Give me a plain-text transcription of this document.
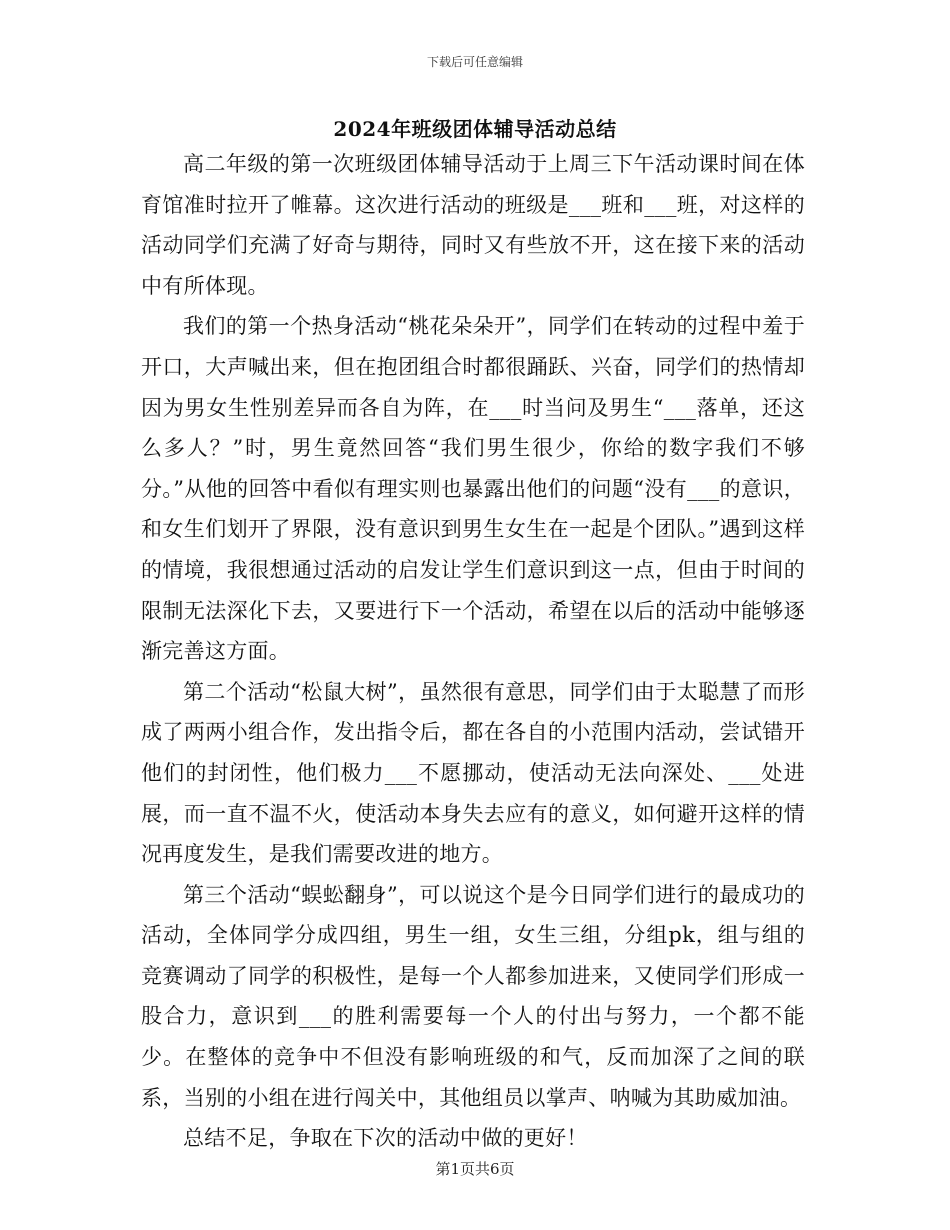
下载后可任意编辑
2024年班级团体辅导活动总结

高二年级的第一次班级团体辅导活动于上周三下午活动课时间在体育馆准时拉开了帷幕。这次进行活动的班级是___班和___班，对这样的活动同学们充满了好奇与期待，同时又有些放不开，这在接下来的活动中有所体现。

我们的第一个热身活动“桃花朵朵开”，同学们在转动的过程中羞于开口，大声喊出来，但在抱团组合时都很踊跃、兴奋，同学们的热情却因为男女生性别差异而各自为阵，在___时当问及男生“___落单，还这么多人？”时，男生竟然回答“我们男生很少，你给的数字我们不够分。”从他的回答中看似有理实则也暴露出他们的问题“没有___的意识，和女生们划开了界限，没有意识到男生女生在一起是个团队。”遇到这样的情境，我很想通过活动的启发让学生们意识到这一点，但由于时间的限制无法深化下去，又要进行下一个活动，希望在以后的活动中能够逐渐完善这方面。

第二个活动“松鼠大树”，虽然很有意思，同学们由于太聪慧了而形成了两两小组合作，发出指令后，都在各自的小范围内活动，尝试错开他们的封闭性，他们极力___不愿挪动，使活动无法向深处、___处进展，而一直不温不火，使活动本身失去应有的意义，如何避开这样的情况再度发生，是我们需要改进的地方。

第三个活动“蜈蚣翻身”，可以说这个是今日同学们进行的最成功的活动，全体同学分成四组，男生一组，女生三组，分组pk，组与组的竞赛调动了同学的积极性，是每一个人都参加进来，又使同学们形成一股合力，意识到___的胜利需要每一个人的付出与努力，一个都不能少。在整体的竞争中不但没有影响班级的和气，反而加深了之间的联系，当别的小组在进行闯关中，其他组员以掌声、呐喊为其助威加油。

总结不足，争取在下次的活动中做的更好！

第1页共6页
